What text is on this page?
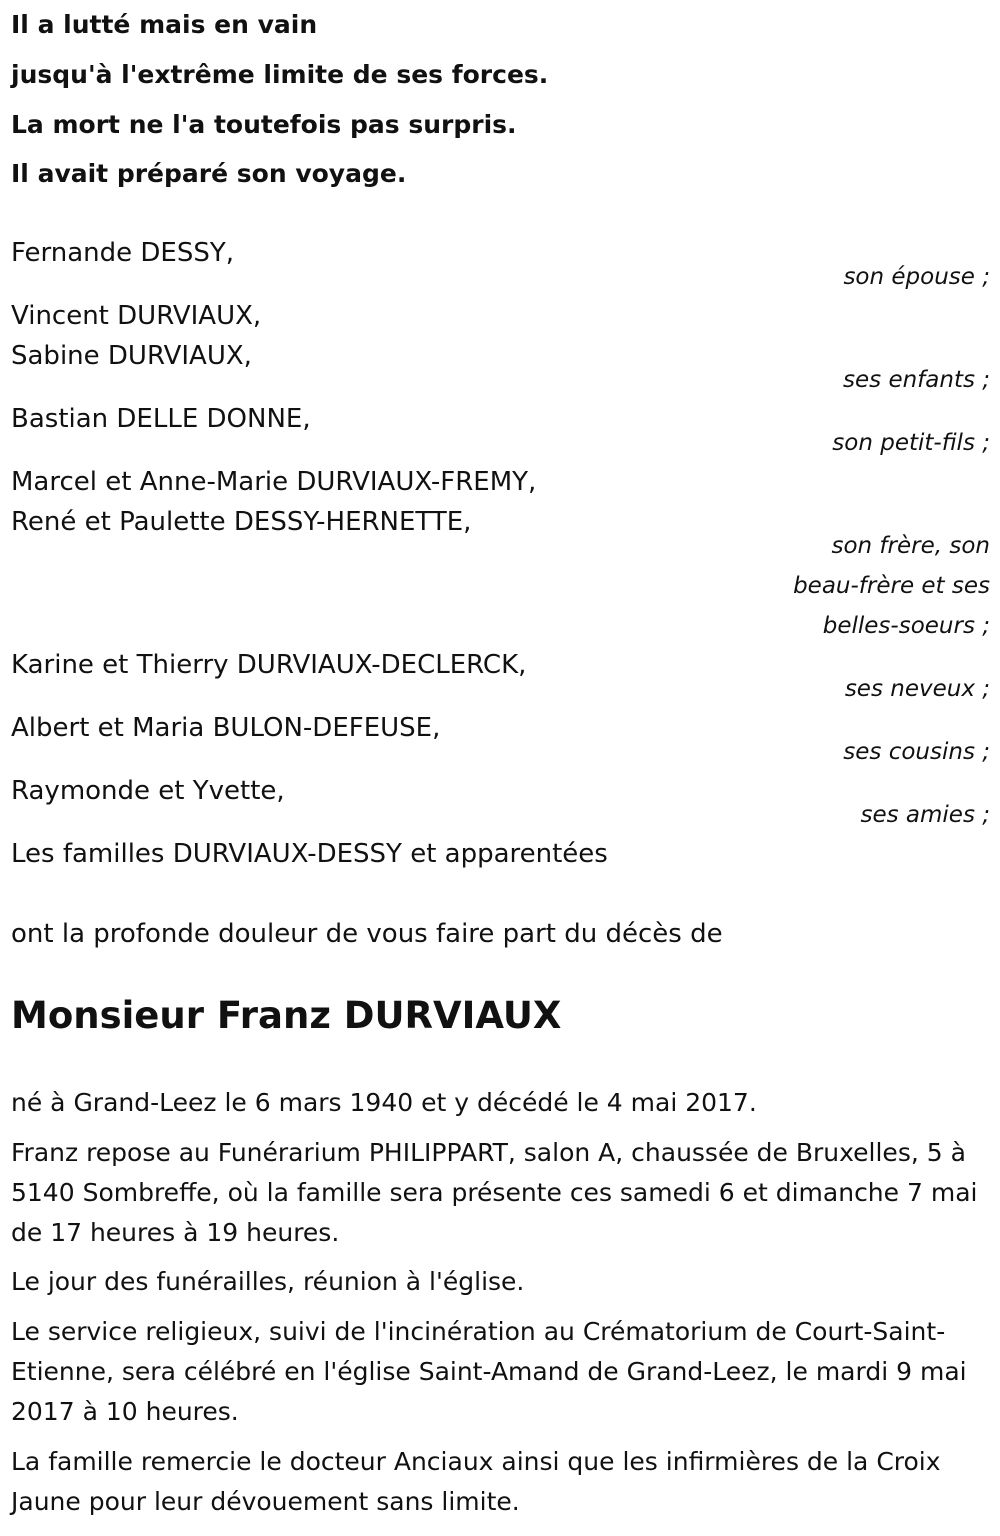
Il a lutté mais en vain
jusqu'à l'extrême limite de ses forces.
La mort ne l'a toutefois pas surpris.
Il avait préparé son voyage.
Fernande DESSY,
son épouse ;
Vincent DURVIAUX,
Sabine DURVIAUX,
ses enfants ;
Bastian DELLE DONNE,
son petit-fils ;
Marcel et Anne-Marie DURVIAUX-FREMY,
René et Paulette DESSY-HERNETTE,
son frère, son
beau-frère et ses
belles-soeurs ;
Karine et Thierry DURVIAUX-DECLERCK,
ses neveux ;
Albert et Maria BULON-DEFEUSE,
ses cousins ;
Raymonde et Yvette,
ses amies ;
Les familles DURVIAUX-DESSY et apparentées
ont la profonde douleur de vous faire part du décès de
Monsieur Franz DURVIAUX
né à Grand-Leez le 6 mars 1940 et y décédé le 4 mai 2017.
Franz repose au Funérarium PHILIPPART, salon A, chaussée de Bruxelles, 5 à 5140 Sombreffe, où la famille sera présente ces samedi 6 et dimanche 7 mai de 17 heures à 19 heures.
Le jour des funérailles, réunion à l'église.
Le service religieux, suivi de l'incinération au Crématorium de Court-Saint-Etienne, sera célébré en l'église Saint-Amand de Grand-Leez, le mardi 9 mai 2017 à 10 heures.
La famille remercie le docteur Anciaux ainsi que les infirmières de la Croix Jaune pour leur dévouement sans limite.
